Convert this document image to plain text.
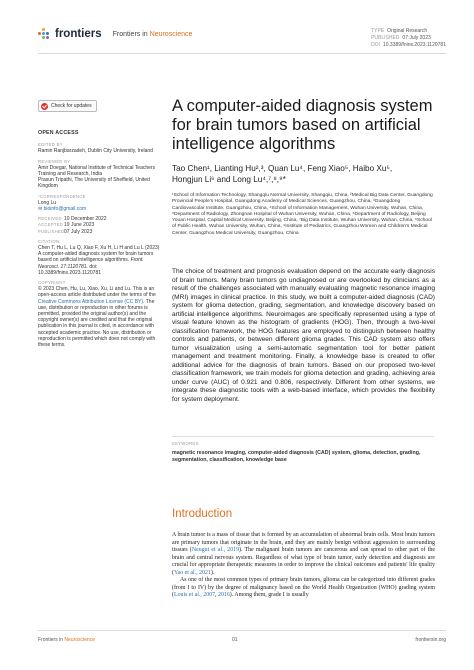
frontiers Frontiers in Neuroscience	TYPE Original Research
PUBLISHED 07 July 2023
DOI 10.3389/fnins.2023.1120781
Check for updates
OPEN ACCESS
EDITED BY
Ramin Ranjbarzadeh, Dublin City University, Ireland
REVIEWED BY
Amir Doegar, National Institute of Technical Teachers Training and Research, India
Prasun Tripathi, The University of Sheffield, United Kingdom
*CORRESPONDENCE
Long Lu
✉ bioinfo@gmail.com
RECEIVED 10 December 2022
ACCEPTED19 June 2023
PUBLISHED07 July 2023
CITATION
Chen T, Hu L, Lu Q, Xiao F, Xu H, Li H and Lu L (2023) A computer-aided diagnosis system for brain tumors based on artificial intelligence algorithms. Front. Neurosci. 17:1120781. doi: 10.3389/fnins.2023.1120781
COPYRIGHT
© 2023 Chen, Hu, Lu, Xiao, Xu, Li and Lu. This is an open-access article distributed under the terms of the Creative Commons Attribution License (CC BY). The use, distribution or reproduction in other forums is permitted, provided the original author(s) and the copyright owner(s) are credited and that the original publication in this journal is cited, in accordance with accepted academic practice. No use, distribution or reproduction is permitted which does not comply with these terms.
A computer-aided diagnosis system for brain tumors based on artificial intelligence algorithms
Tao Chen¹, Lianting Hu²,³, Quan Lu⁴, Feng Xiao⁵, Haibo Xu⁵,
Hongjun Li⁶ and Long Lu⁴,⁷,⁸,⁹*
¹School of Information Technology, Shangqiu Normal University, Shangqiu, China, ²Medical Big Data Center, Guangdong Provincial People's Hospital, Guangdong Academy of Medical Sciences, Guangzhou, China, ³Guangdong Cardiovascular Institute, Guangzhou, China, ⁴School of Information Management, Wuhan University, Wuhan, China, ⁵Department of Radiology, Zhongnan Hospital of Wuhan University, Wuhan, China, ⁶Department of Radiology, Beijing Youan Hospital, Capital Medical University, Beijing, China, ⁷Big Data Institute, Wuhan University, Wuhan, China, ⁸School of Public Health, Wuhan University, Wuhan, China, ⁹Institute of Pediatrics, Guangzhou Women and Children's Medical Center, Guangzhou Medical University, Guangzhou, China
The choice of treatment and prognosis evaluation depend on the accurate early diagnosis of brain tumors. Many brain tumors go undiagnosed or are overlooked by clinicians as a result of the challenges associated with manually evaluating magnetic resonance imaging (MRI) images in clinical practice. In this study, we built a computer-aided diagnosis (CAD) system for glioma detection, grading, segmentation, and knowledge discovery based on artificial intelligence algorithms. Neuroimages are specifically represented using a type of visual feature known as the histogram of gradients (HOG). Then, through a two-level classification framework, the HOG features are employed to distinguish between healthy controls and patients, or between different glioma grades. This CAD system also offers tumor visualization using a semi-automatic segmentation tool for better patient management and treatment monitoring. Finally, a knowledge base is created to offer additional advice for the diagnosis of brain tumors. Based on our proposed two-level classification framework, we train models for glioma detection and grading, achieving area under curve (AUC) of 0.921 and 0.806, respectively. Different from other systems, we integrate these diagnostic tools with a web-based interface, which provides the flexibility for system deployment.
KEYWORDS
magnetic resonance imaging, computer-aided diagnosis (CAD) system, glioma, detection, grading, segmentation, classification, knowledge base
Introduction
A brain tumor is a mass of tissue that is formed by an accumulation of abnormal brain cells. Most brain tumors are primary tumors that originate in the brain, and they are mainly benign without aggression to surrounding tissues (Neugut et al., 2019). The malignant brain tumors are cancerous and can spread to other part of the brain and central nervous system. Regardless of what type of brain tumor, early detection and diagnosis are crucial for appropriate therapeutic measures in order to improve the clinical outcomes and patients' life quality (Yao et al., 2021).
As one of the most common types of primary brain tumors, glioma can be categorized into different grades (from I to IV) by the degree of malignancy based on the World Health Organization (WHO) grading system (Louis et al., 2007, 2016). Among them, grade I is usually
Frontiers in Neuroscience	01	frontiersin.org
